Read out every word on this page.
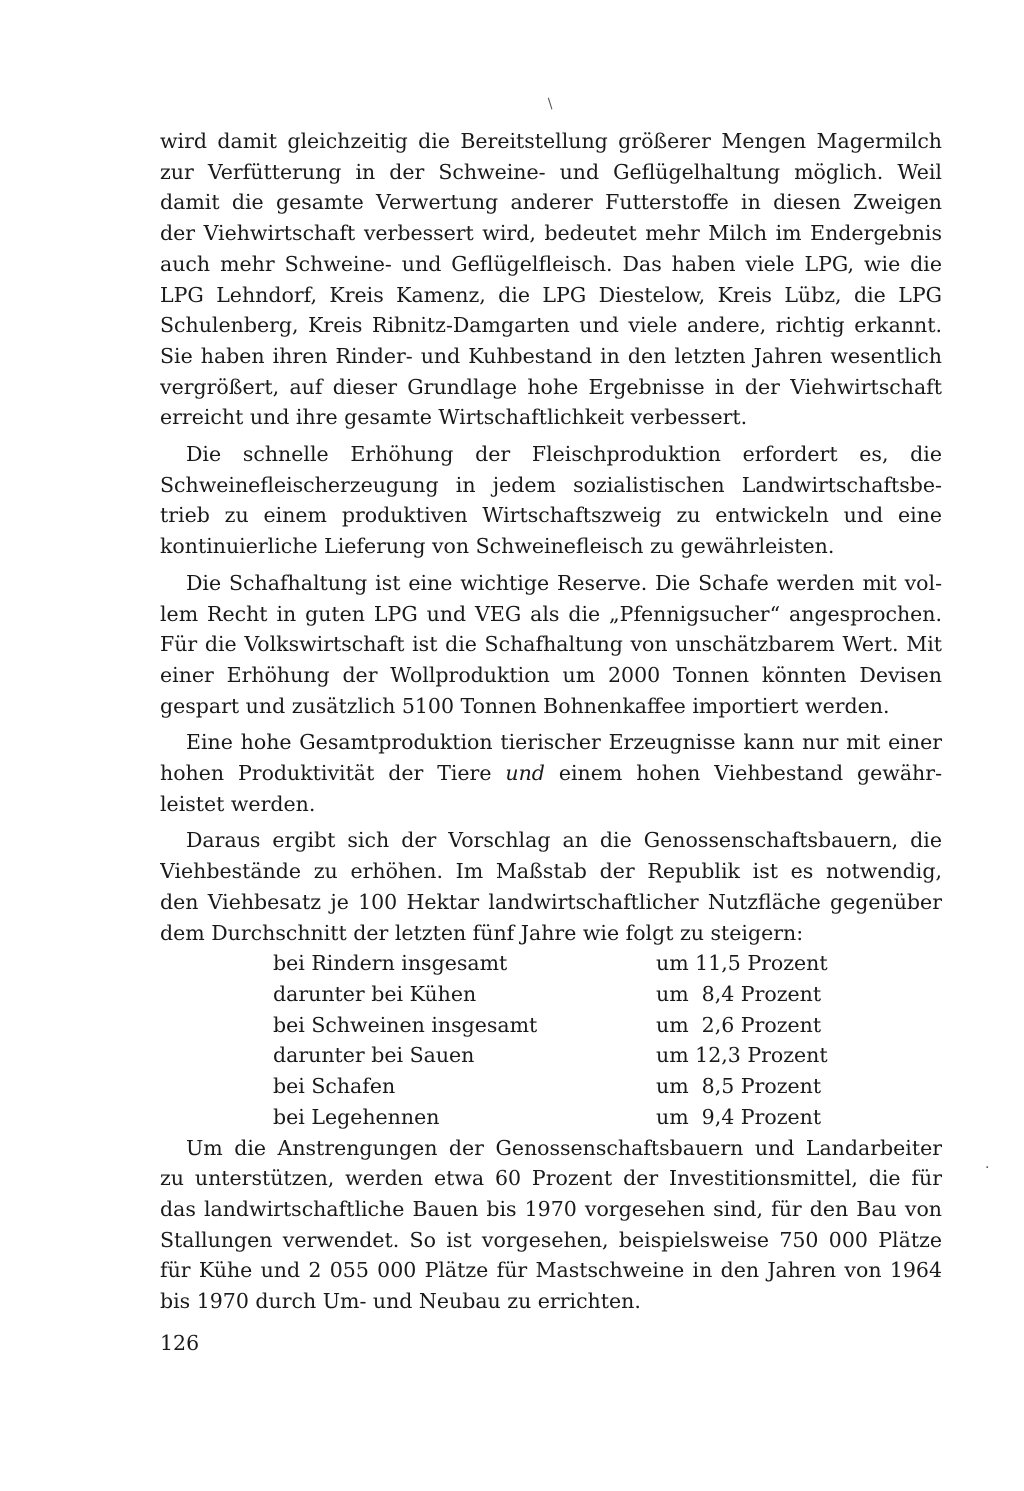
/
·
wird damit gleichzeitig die Bereitstellung größerer Mengen Magermilch
zur Verfütterung in der Schweine- und Geflügelhaltung möglich. Weil
damit die gesamte Verwertung anderer Futterstoffe in diesen Zweigen
der Viehwirtschaft verbessert wird, bedeutet mehr Milch im Endergebnis
auch mehr Schweine- und Geflügelfleisch. Das haben viele LPG, wie die
LPG Lehndorf, Kreis Kamenz, die LPG Diestelow, Kreis Lübz, die LPG
Schulenberg, Kreis Ribnitz-Damgarten und viele andere, richtig erkannt.
Sie haben ihren Rinder- und Kuhbestand in den letzten Jahren wesentlich
vergrößert, auf dieser Grundlage hohe Ergebnisse in der Viehwirtschaft
erreicht und ihre gesamte Wirtschaftlichkeit verbessert.
Die schnelle Erhöhung der Fleischproduktion erfordert es, die
Schweinefleischerzeugung in jedem sozialistischen Landwirtschaftsbe-
trieb zu einem produktiven Wirtschaftszweig zu entwickeln und eine
kontinuierliche Lieferung von Schweinefleisch zu gewährleisten.
Die Schafhaltung ist eine wichtige Reserve. Die Schafe werden mit vol-
lem Recht in guten LPG und VEG als die „Pfennigsucher“ angesprochen.
Für die Volkswirtschaft ist die Schafhaltung von unschätzbarem Wert. Mit
einer Erhöhung der Wollproduktion um 2000 Tonnen könnten Devisen
gespart und zusätzlich 5100 Tonnen Bohnenkaffee importiert werden.
Eine hohe Gesamtproduktion tierischer Erzeugnisse kann nur mit einer
hohen Produktivität der Tiere und einem hohen Viehbestand gewähr-
leistet werden.
Daraus ergibt sich der Vorschlag an die Genossenschaftsbauern, die
Viehbestände zu erhöhen. Im Maßstab der Republik ist es notwendig,
den Viehbesatz je 100 Hektar landwirtschaftlicher Nutzfläche gegenüber
dem Durchschnitt der letzten fünf Jahre wie folgt zu steigern:
bei Rindern insgesamt	um 11,5 Prozent
darunter bei Kühen	um  8,4 Prozent
bei Schweinen insgesamt	um  2,6 Prozent
darunter bei Sauen	um 12,3 Prozent
bei Schafen	um  8,5 Prozent
bei Legehennen	um  9,4 Prozent
Um die Anstrengungen der Genossenschaftsbauern und Landarbeiter
zu unterstützen, werden etwa 60 Prozent der Investitionsmittel, die für
das landwirtschaftliche Bauen bis 1970 vorgesehen sind, für den Bau von
Stallungen verwendet. So ist vorgesehen, beispielsweise 750 000 Plätze
für Kühe und 2 055 000 Plätze für Mastschweine in den Jahren von 1964
bis 1970 durch Um- und Neubau zu errichten.
126
